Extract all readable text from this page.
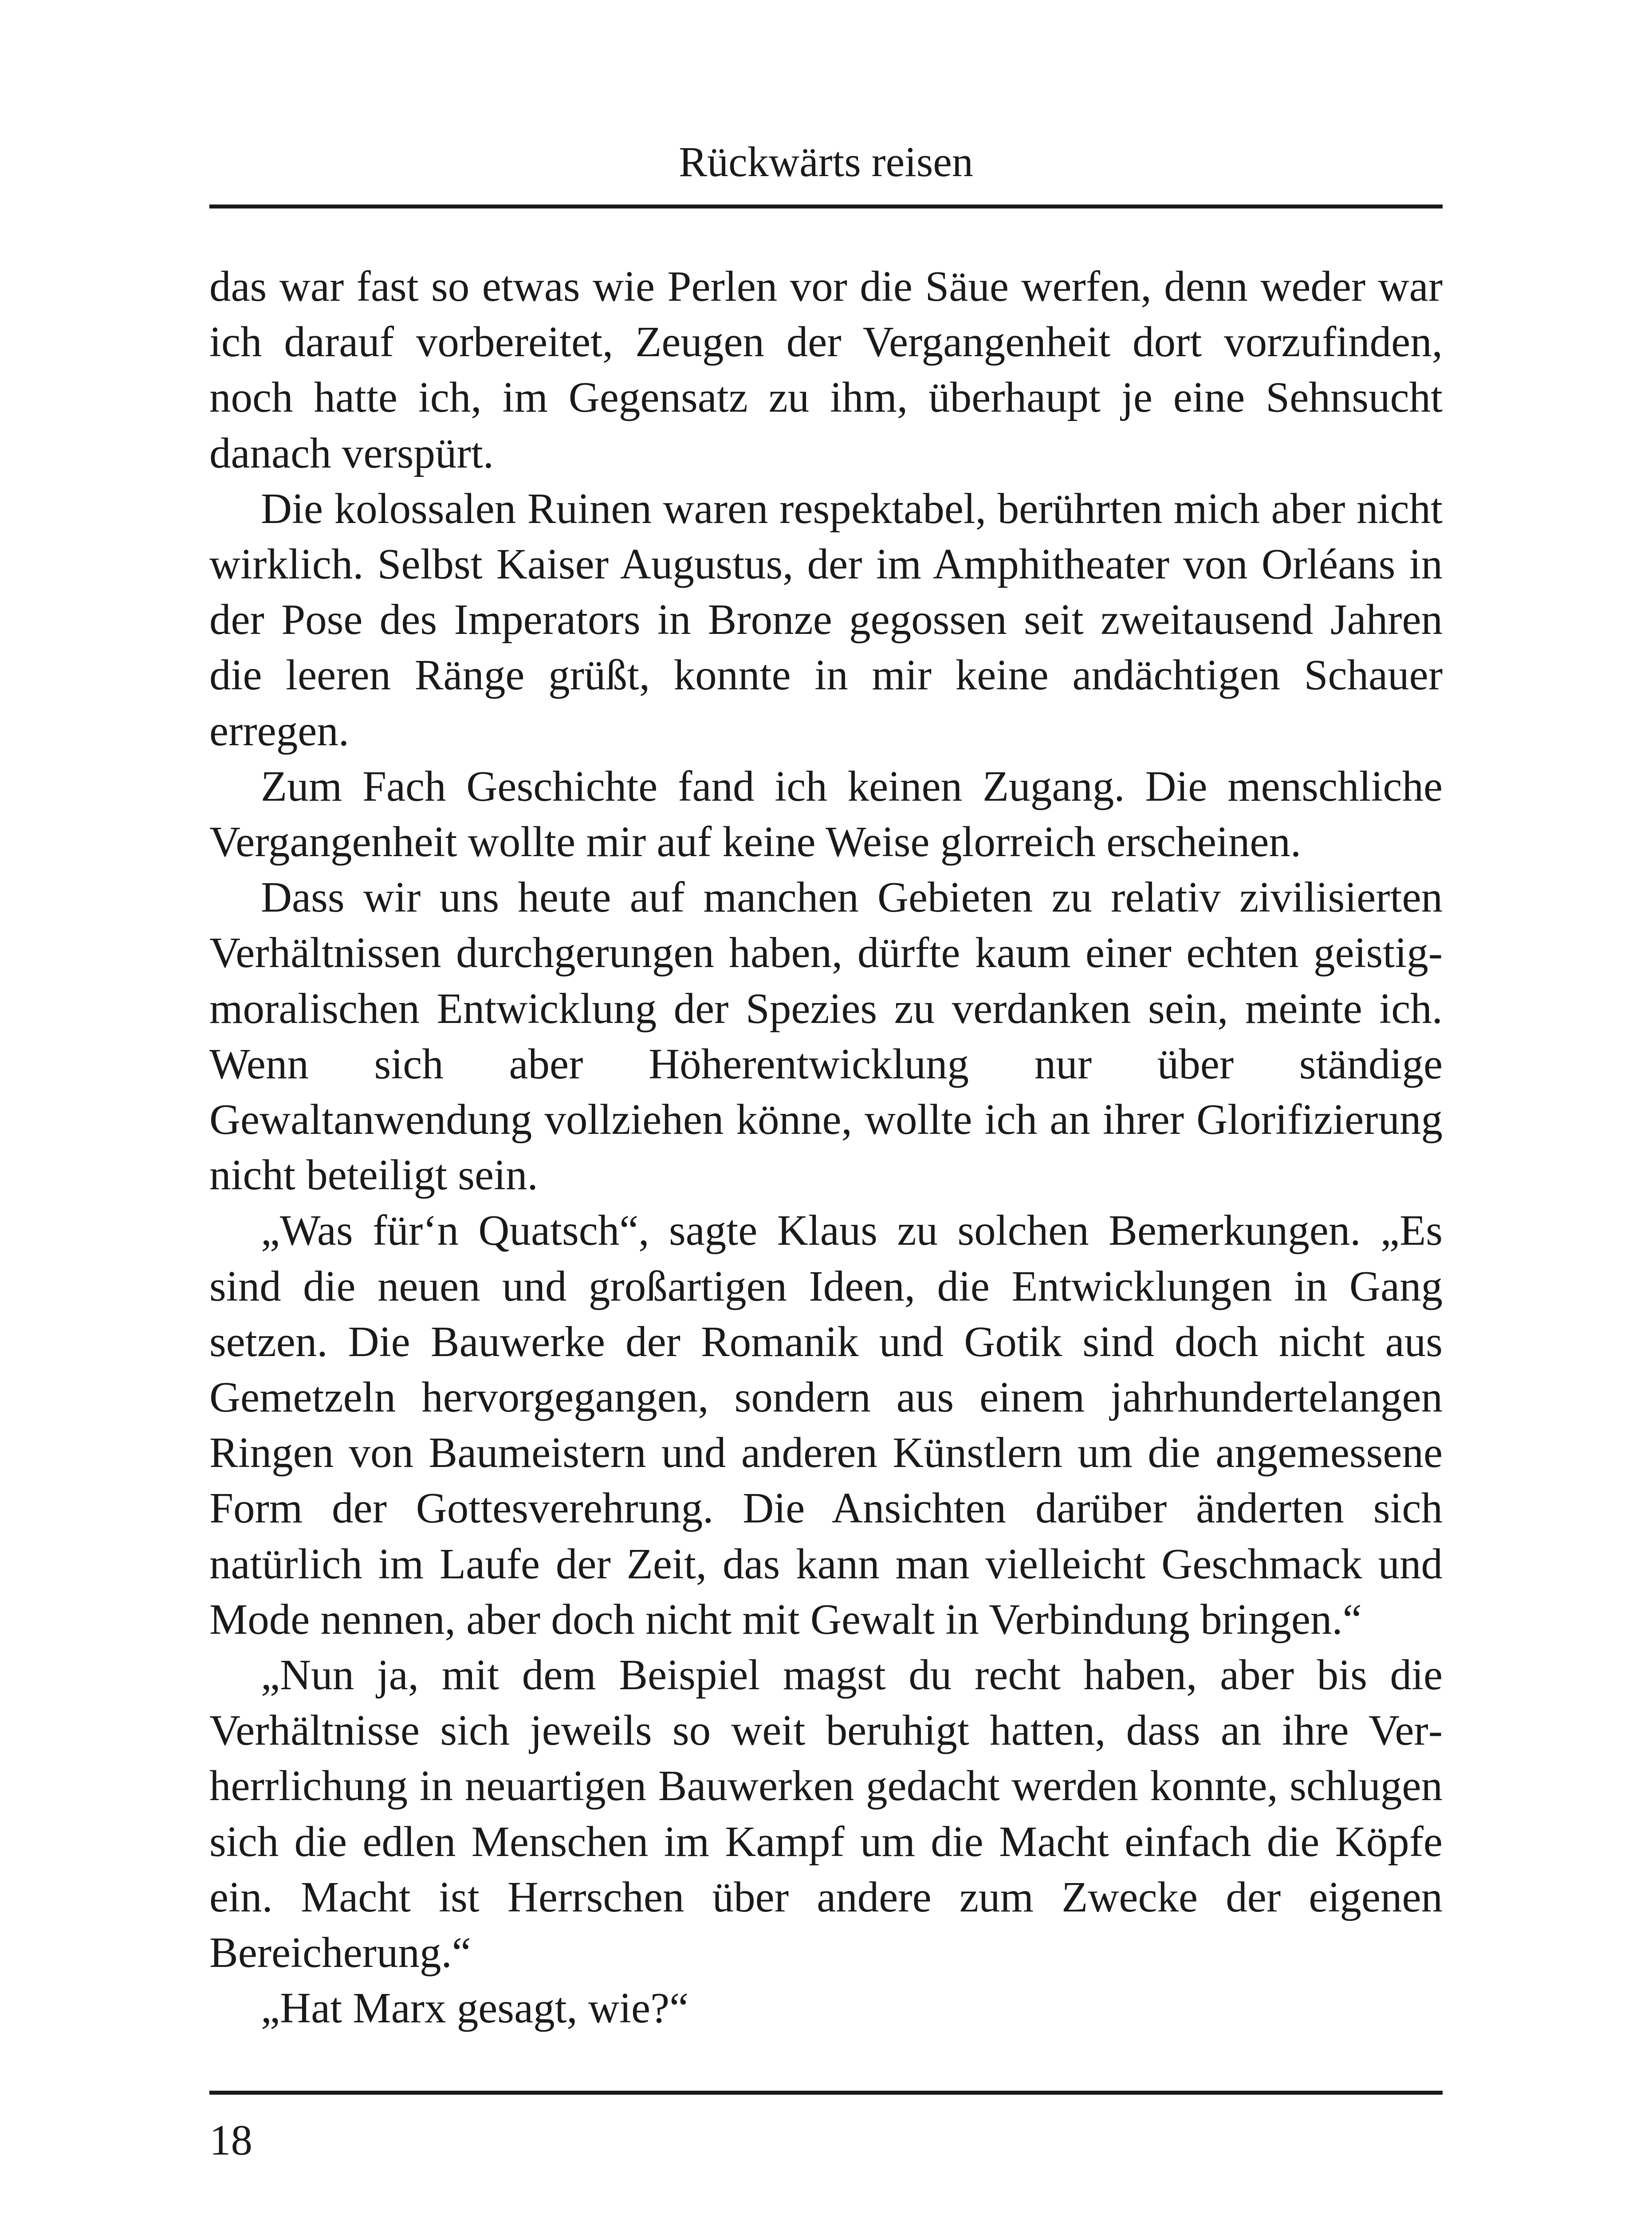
Rückwärts reisen

das war fast so etwas wie Perlen vor die Säue werfen, denn weder war ich darauf vorbereitet, Zeugen der Vergangenheit dort vorzufinden, noch hatte ich, im Gegensatz zu ihm, überhaupt je eine Sehnsucht danach verspürt.

Die kolossalen Ruinen waren respektabel, berührten mich aber nicht wirklich. Selbst Kaiser Augustus, der im Amphitheater von Orléans in der Pose des Imperators in Bronze gegossen seit zweitausend Jahren die leeren Ränge grüßt, konnte in mir keine andächtigen Schauer erregen.

Zum Fach Geschichte fand ich keinen Zugang. Die menschliche Vergangenheit wollte mir auf keine Weise glorreich erscheinen.

Dass wir uns heute auf manchen Gebieten zu relativ zivilisierten Verhältnissen durchgerungen haben, dürfte kaum einer echten geistig-moralischen Entwicklung der Spezies zu verdanken sein, meinte ich. Wenn sich aber Höherentwicklung nur über ständige Gewaltanwendung vollziehen könne, wollte ich an ihrer Glorifizierung nicht beteiligt sein.

„Was für‘n Quatsch“, sagte Klaus zu solchen Bemerkungen. „Es sind die neuen und großartigen Ideen, die Entwicklungen in Gang setzen. Die Bauwerke der Romanik und Gotik sind doch nicht aus Gemetzeln hervorgegangen, sondern aus einem jahrhundertelangen Ringen von Baumeistern und anderen Künstlern um die angemessene Form der Gottesverehrung. Die Ansichten darüber änderten sich natürlich im Laufe der Zeit, das kann man vielleicht Geschmack und Mode nennen, aber doch nicht mit Gewalt in Verbindung bringen.“

„Nun ja, mit dem Beispiel magst du recht haben, aber bis die Verhältnisse sich jeweils so weit beruhigt hatten, dass an ihre Verherrlichung in neuartigen Bauwerken gedacht werden konnte, schlugen sich die edlen Menschen im Kampf um die Macht einfach die Köpfe ein. Macht ist Herrschen über andere zum Zwecke der eigenen Bereicherung.“

„Hat Marx gesagt, wie?“

18
